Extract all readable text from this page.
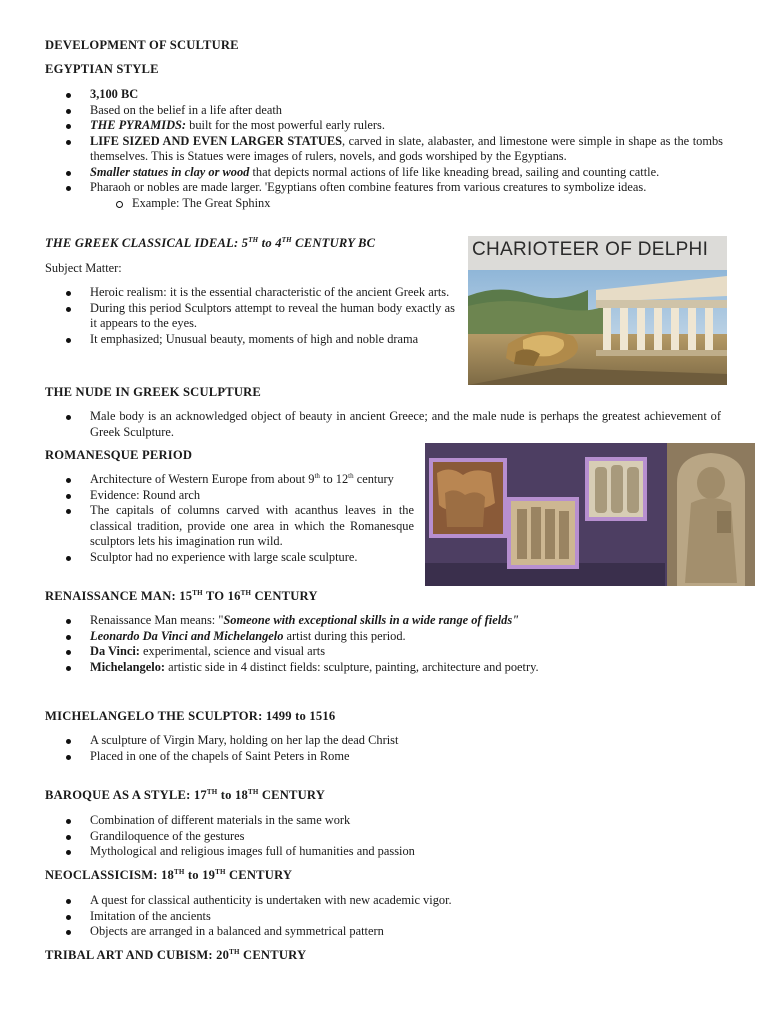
DEVELOPMENT OF SCULTURE
EGYPTIAN STYLE
3,100 BC
Based on the belief in a life after death
THE PYRAMIDS: built for the most powerful early rulers.
LIFE SIZED AND EVEN LARGER STATUES, carved in slate, alabaster, and limestone were simple in shape as the tombs themselves. This is Statues were images of rulers, novels, and gods worshiped by the Egyptians.
Smaller statues in clay or wood that depicts normal actions of life like kneading bread, sailing and counting cattle.
Pharaoh or nobles are made larger. 'Egyptians often combine features from various creatures to symbolize ideas.
Example: The Great Sphinx
THE GREEK CLASSICAL IDEAL: 5TH to 4TH CENTURY BC
Subject Matter:
Heroic realism: it is the essential characteristic of the ancient Greek arts.
During this period Sculptors attempt to reveal the human body exactly as it appears to the eyes.
It emphasized; Unusual beauty, moments of high and noble drama
CHARIOTEER OF DELPHI
THE NUDE IN GREEK SCULPTURE
Male body is an acknowledged object of beauty in ancient Greece; and the male nude is perhaps the greatest achievement of Greek Sculpture.
ROMANESQUE PERIOD
Architecture of Western Europe from about 9th to 12th century
Evidence: Round arch
The capitals of columns carved with acanthus leaves in the classical tradition, provide one area in which the Romanesque sculptors lets his imagination run wild.
Sculptor had no experience with large scale sculpture.
RENAISSANCE MAN: 15TH TO 16TH CENTURY
Renaissance Man means: "Someone with exceptional skills in a wide range of fields"
Leonardo Da Vinci and Michelangelo artist during this period.
Da Vinci: experimental, science and visual arts
Michelangelo: artistic side in 4 distinct fields: sculpture, painting, architecture and poetry.
MICHELANGELO THE SCULPTOR: 1499 to 1516
A sculpture of Virgin Mary, holding on her lap the dead Christ
Placed in one of the chapels of Saint Peters in Rome
BAROQUE AS A STYLE: 17TH to 18TH CENTURY
Combination of different materials in the same work
Grandiloquence of the gestures
Mythological and religious images full of humanities and passion
NEOCLASSICISM: 18TH to 19TH CENTURY
A quest for classical authenticity is undertaken with new academic vigor.
Imitation of the ancients
Objects are arranged in a balanced and symmetrical pattern
TRIBAL ART AND CUBISM: 20TH CENTURY
